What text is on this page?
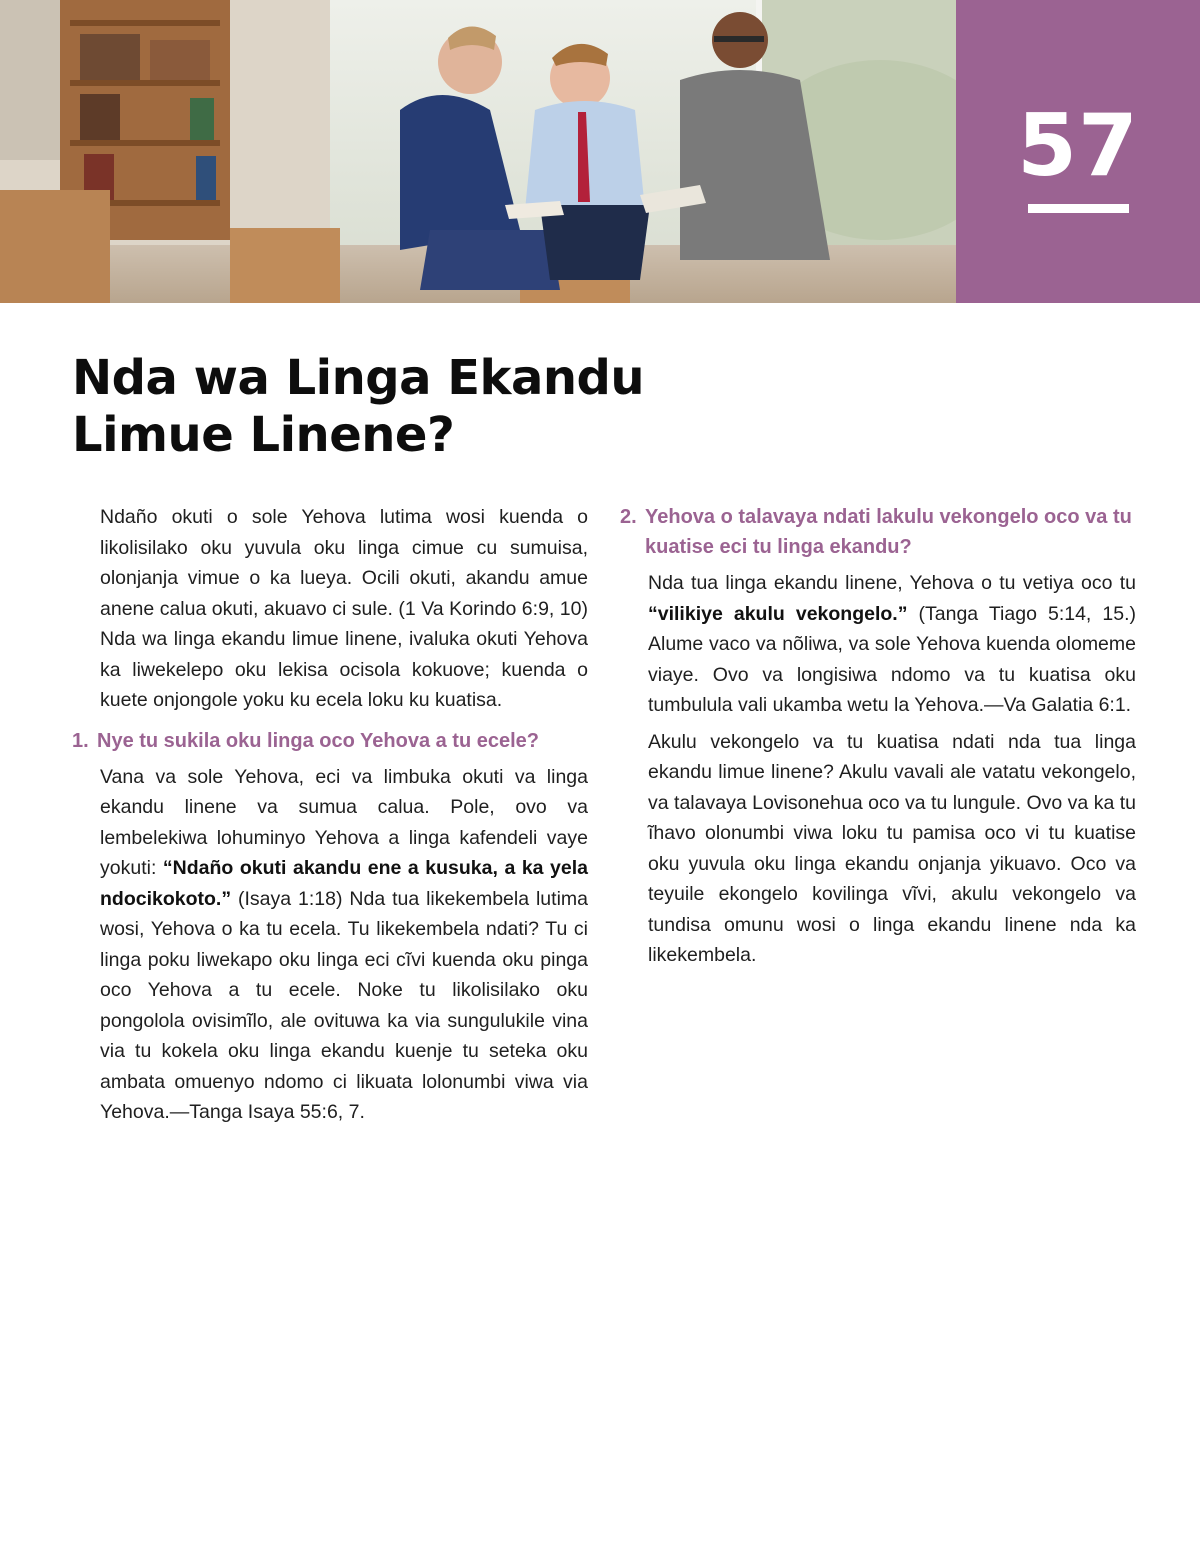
57
Nda wa Linga Ekandu
Limue Linene?

Ndaño okuti o sole Yehova lutima wosi kuenda o likolisilako oku yuvula oku linga cimue cu sumuisa, olonjanja vimue o ka lueya. Ocili okuti, akandu amue anene calua okuti, akuavo ci sule. (1 Va Korindo 6:9, 10) Nda wa linga ekandu limue linene, ivaluka okuti Yehova ka liwekelepo oku lekisa ocisola kokuove; kuenda o kuete onjongole yoku ku ecela loku ku kuatisa.

1. Nye tu sukila oku linga oco Yehova a tu ecele?

Vana va sole Yehova, eci va limbuka okuti va linga ekandu linene va sumua calua. Pole, ovo va lembelekiwa lohuminyo Yehova a linga kafendeli vaye yokuti: “Ndaño okuti akandu ene a kusuka, a ka yela ndocikokoto.” (Isaya 1:18) Nda tua likekembela lutima wosi, Yehova o ka tu ecela. Tu likekembela ndati? Tu ci linga poku liwekapo oku linga eci cĩvi kuenda oku pinga oco Yehova a tu ecele. Noke tu likolisilako oku pongolola ovisimĩlo, ale ovituwa ka via sungulukile vina via tu kokela oku linga ekandu kuenje tu seteka oku ambata omuenyo ndomo ci likuata lolonumbi viwa via Yehova.—Tanga Isaya 55:6, 7.

2. Yehova o talavaya ndati lakulu vekongelo oco va tu kuatise eci tu linga ekandu?

Nda tua linga ekandu linene, Yehova o tu vetiya oco tu “vilikiye akulu vekongelo.” (Tanga Tiago 5:14, 15.) Alume vaco va nõliwa, va sole Yehova kuenda olomeme viaye. Ovo va longisiwa ndomo va tu kuatisa oku tumbulula vali ukamba wetu la Yehova.—Va Galatia 6:1.

Akulu vekongelo va tu kuatisa ndati nda tua linga ekandu limue linene? Akulu vavali ale vatatu vekongelo, va talavaya Lovisonehua oco va tu lungule. Ovo va ka tu ĩhavo olonumbi viwa loku tu pamisa oco vi tu kuatise oku yuvula oku linga ekandu onjanja yikuavo. Oco va teyuile ekongelo kovilinga vĩvi, akulu vekongelo va tundisa omunu wosi o linga ekandu linene nda ka likekembela.
